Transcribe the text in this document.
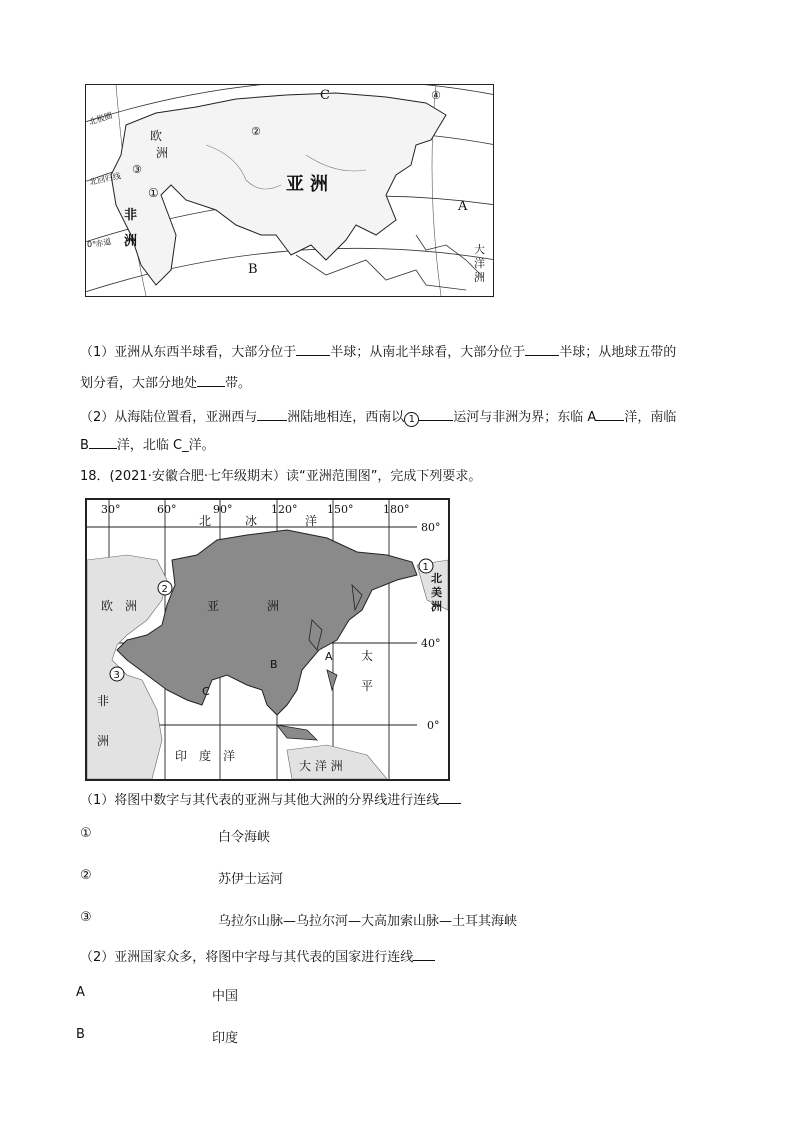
亚洲
欧
洲
非
洲
大
洋
洲
A
B
C
①
②
③
④
北极圈
北回归线
赤道
0°
（1）亚洲从东西半球看，大部分位于	半球；从南北半球看，大部分位于	半球；从地球五带的
划分看，大部分地处 带。
（2）从海陆位置看，亚洲西与 洲陆地相连，西南以 1	运河与非洲为界；东临 A 洋，南临
B 洋，北临 C_洋。
18．(2021·安徽合肥·七年级期末）读“亚洲范围图”，完成下列要求。
30°	60°	90°	120°	150°	180°
北	冰	洋	80°
40°
0°
亚	洲
欧　洲
非
洲
北
美
洲
太
平
印　度　洋
大 洋 洲
A
B
C
1
2
3
（1）将图中数字与其代表的亚洲与其他大洲的分界线进行连线
①	白令海峡
②	苏伊士运河
③	乌拉尔山脉—乌拉尔河—大高加索山脉—土耳其海峡
（2）亚洲国家众多，将图中字母与其代表的国家进行连线
A	中国
B	印度
